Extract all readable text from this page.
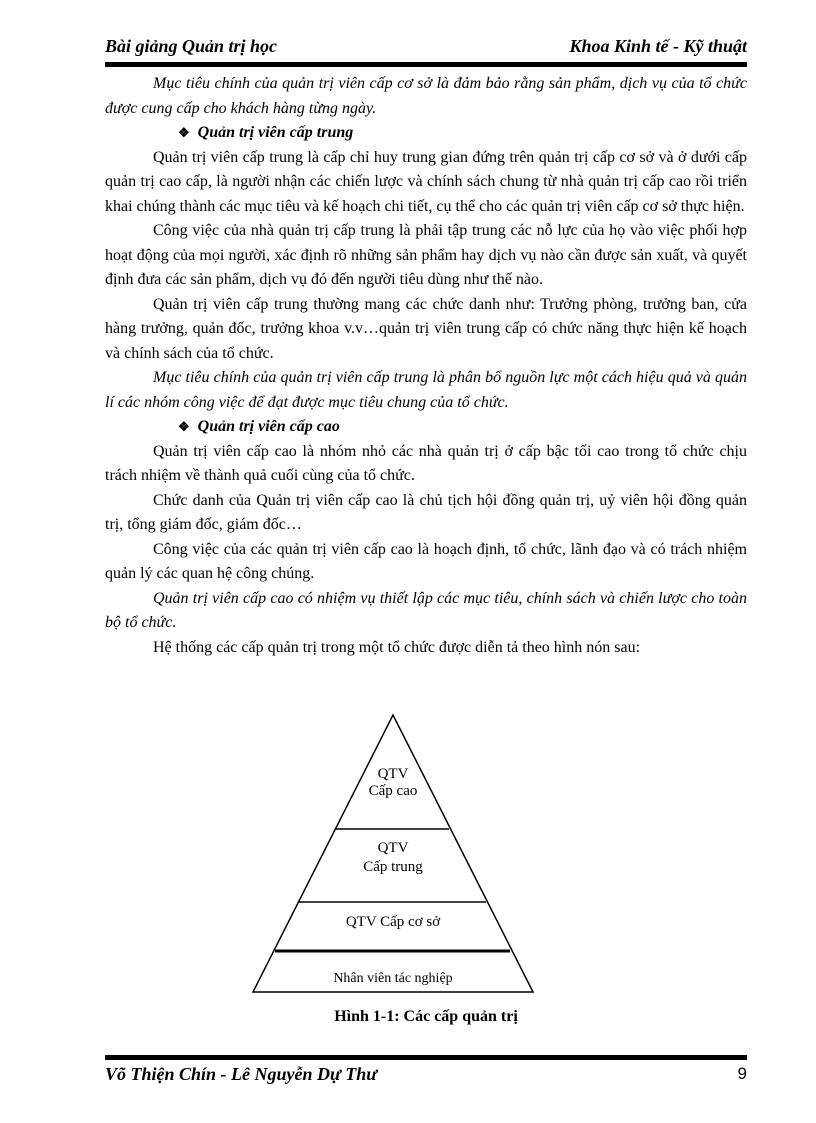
Bài giảng Quản trị học	Khoa Kinh tế - Kỹ thuật

Mục tiêu chính của quản trị viên cấp cơ sở là đảm bảo rằng sản phẩm, dịch vụ của tổ chức được cung cấp cho khách hàng từng ngày.

❖ Quản trị viên cấp trung

Quản trị viên cấp trung là cấp chỉ huy trung gian đứng trên quản trị cấp cơ sở và ở dưới cấp quản trị cao cấp, là người nhận các chiến lược và chính sách chung từ nhà quản trị cấp cao rồi triển khai chúng thành các mục tiêu và kế hoạch chi tiết, cụ thể cho các quản trị viên cấp cơ sở thực hiện.

Công việc của nhà quản trị cấp trung là phải tập trung các nỗ lực của họ vào việc phối hợp hoạt động của mọi người, xác định rõ những sản phẩm hay dịch vụ nào cần được sản xuất, và quyết định đưa các sản phẩm, dịch vụ đó đến người tiêu dùng như thế nào.

Quản trị viên cấp trung thường mang các chức danh như: Trưởng phòng, trưởng ban, cửa hàng trưởng, quản đốc, trưởng khoa v.v…quản trị viên trung cấp có chức năng thực hiện kế hoạch và chính sách của tổ chức.

Mục tiêu chính của quản trị viên cấp trung là phân bổ nguồn lực một cách hiệu quả và quản lí các nhóm công việc để đạt được mục tiêu chung của tổ chức.

❖ Quản trị viên cấp cao

Quản trị viên cấp cao là nhóm nhỏ các nhà quản trị ở cấp bậc tối cao trong tổ chức chịu trách nhiệm về thành quả cuối cùng của tổ chức.

Chức danh của Quản trị viên cấp cao là chủ tịch hội đồng quản trị, uỷ viên hội đồng quản trị, tổng giám đốc, giám đốc…

Công việc của các quản trị viên cấp cao là hoạch định, tổ chức, lãnh đạo và có trách nhiệm quản lý các quan hệ công chúng.

Quản trị viên cấp cao có nhiệm vụ thiết lập các mục tiêu, chính sách và chiến lược cho toàn bộ tổ chức.

Hệ thống các cấp quản trị trong một tổ chức được diễn tả theo hình nón sau:

QTV
Cấp cao
QTV
Cấp trung
QTV Cấp cơ sở
Nhân viên tác nghiệp
Hình 1-1: Các cấp quản trị
Võ Thiện Chín - Lê Nguyễn Dự Thư	9
